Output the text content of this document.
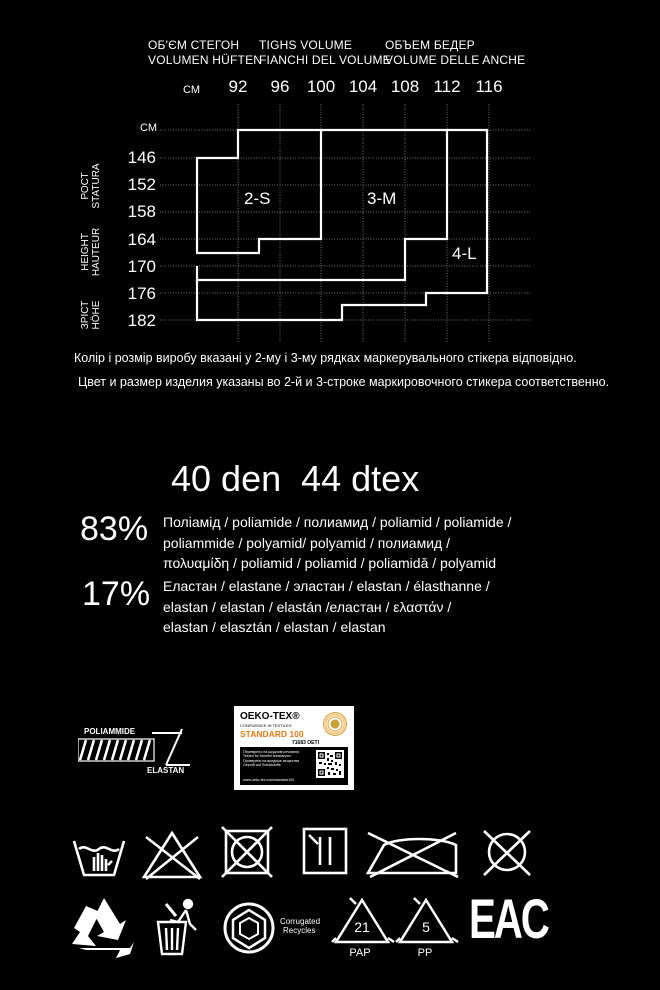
ОБ'ЄМ СТЕГОН
VOLUMEN HÜFTEN
TIGHS VOLUME
FIANCHI DEL VOLUME
ОБЪЕМ БЕДЕР
VOLUME DELLE ANCHE
СМ 92 96 100 104 108 112 116
СМ
146
152
158
164
170
176
182
РОСТ STATURA
HEIGHT HAUTEUR
ЗРІСТ HÖHE
2-S	3-M
4-L
Колір і розмір виробу вказані у 2-му і 3-му рядках маркерувального стікера відповідно.
Цвет и размер изделия указаны во 2-й и 3-строке маркировочного стикера соответственно.
40 den  44 dtex
83% Поліамід / poliamide / полиамид / poliamid / poliamide /
poliammide / polyamid/ polyamid / полиамид /
πολυαμίδη / poliamid / poliamid / poliamidă / polyamid
17% Еластан / elastane / эластан / elastan / élasthanne /
elastan / elastan / elastán /еластан / ελαστάν /
elastan / elasztán / elastan / elastan
POLIAMMIDE
ELASTAN
OEKO-TEX®
CONFIDENCE IN TEXTILES
STANDARD 100
71683 OETI
Перевірено на шкідливі речовини
Tested for harmful substances
Проверено на вредные вещества
Geprüft auf Schadstoffe
www.oeko-tex.com/standard100
Corrugated
Recycles	21
PAP
5
PP
EAC
